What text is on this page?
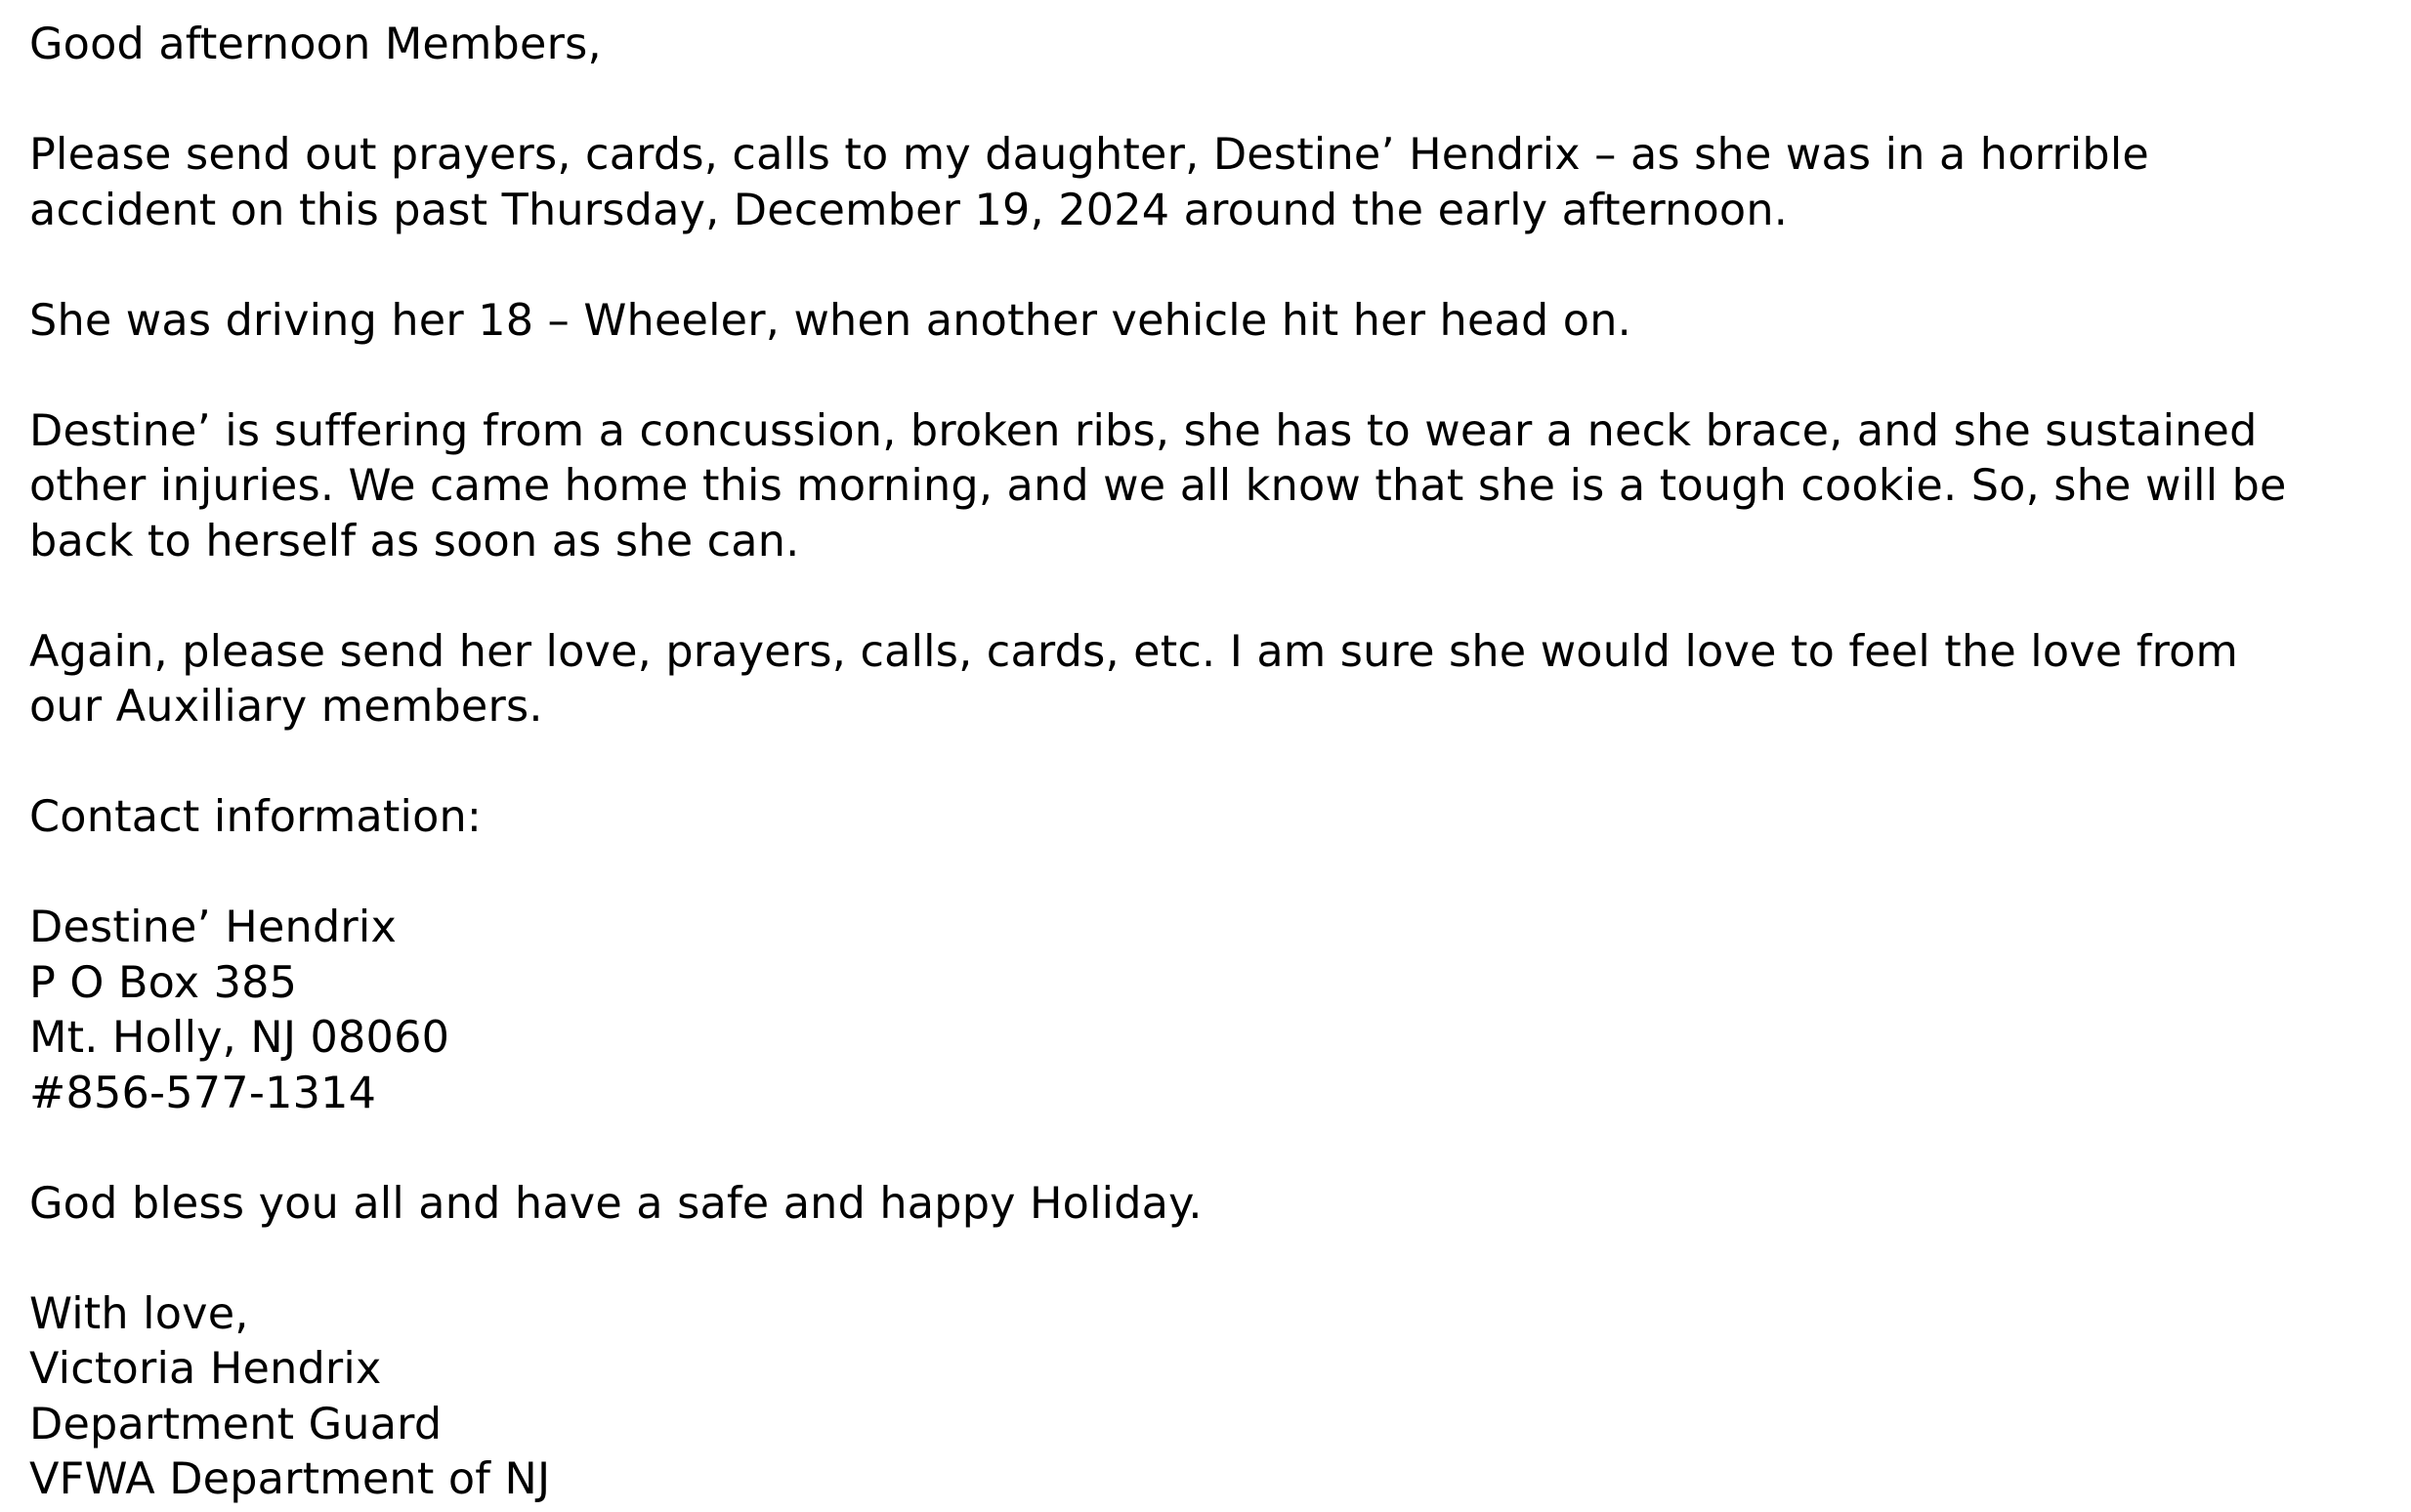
Good afternoon Members,

Please send out prayers, cards, calls to my daughter, Destine’ Hendrix – as she was in a horrible
accident on this past Thursday, December 19, 2024 around the early afternoon.

She was driving her 18 – Wheeler, when another vehicle hit her head on.

Destine’ is suffering from a concussion, broken ribs, she has to wear a neck brace, and she sustained
other injuries. We came home this morning, and we all know that she is a tough cookie. So, she will be
back to herself as soon as she can.

Again, please send her love, prayers, calls, cards, etc. I am sure she would love to feel the love from
our Auxiliary members.

Contact information:

Destine’ Hendrix
P O Box 385
Mt. Holly, NJ 08060
#856-577-1314

God bless you all and have a safe and happy Holiday.

With love,
Victoria Hendrix
Department Guard
VFWA Department of NJ
